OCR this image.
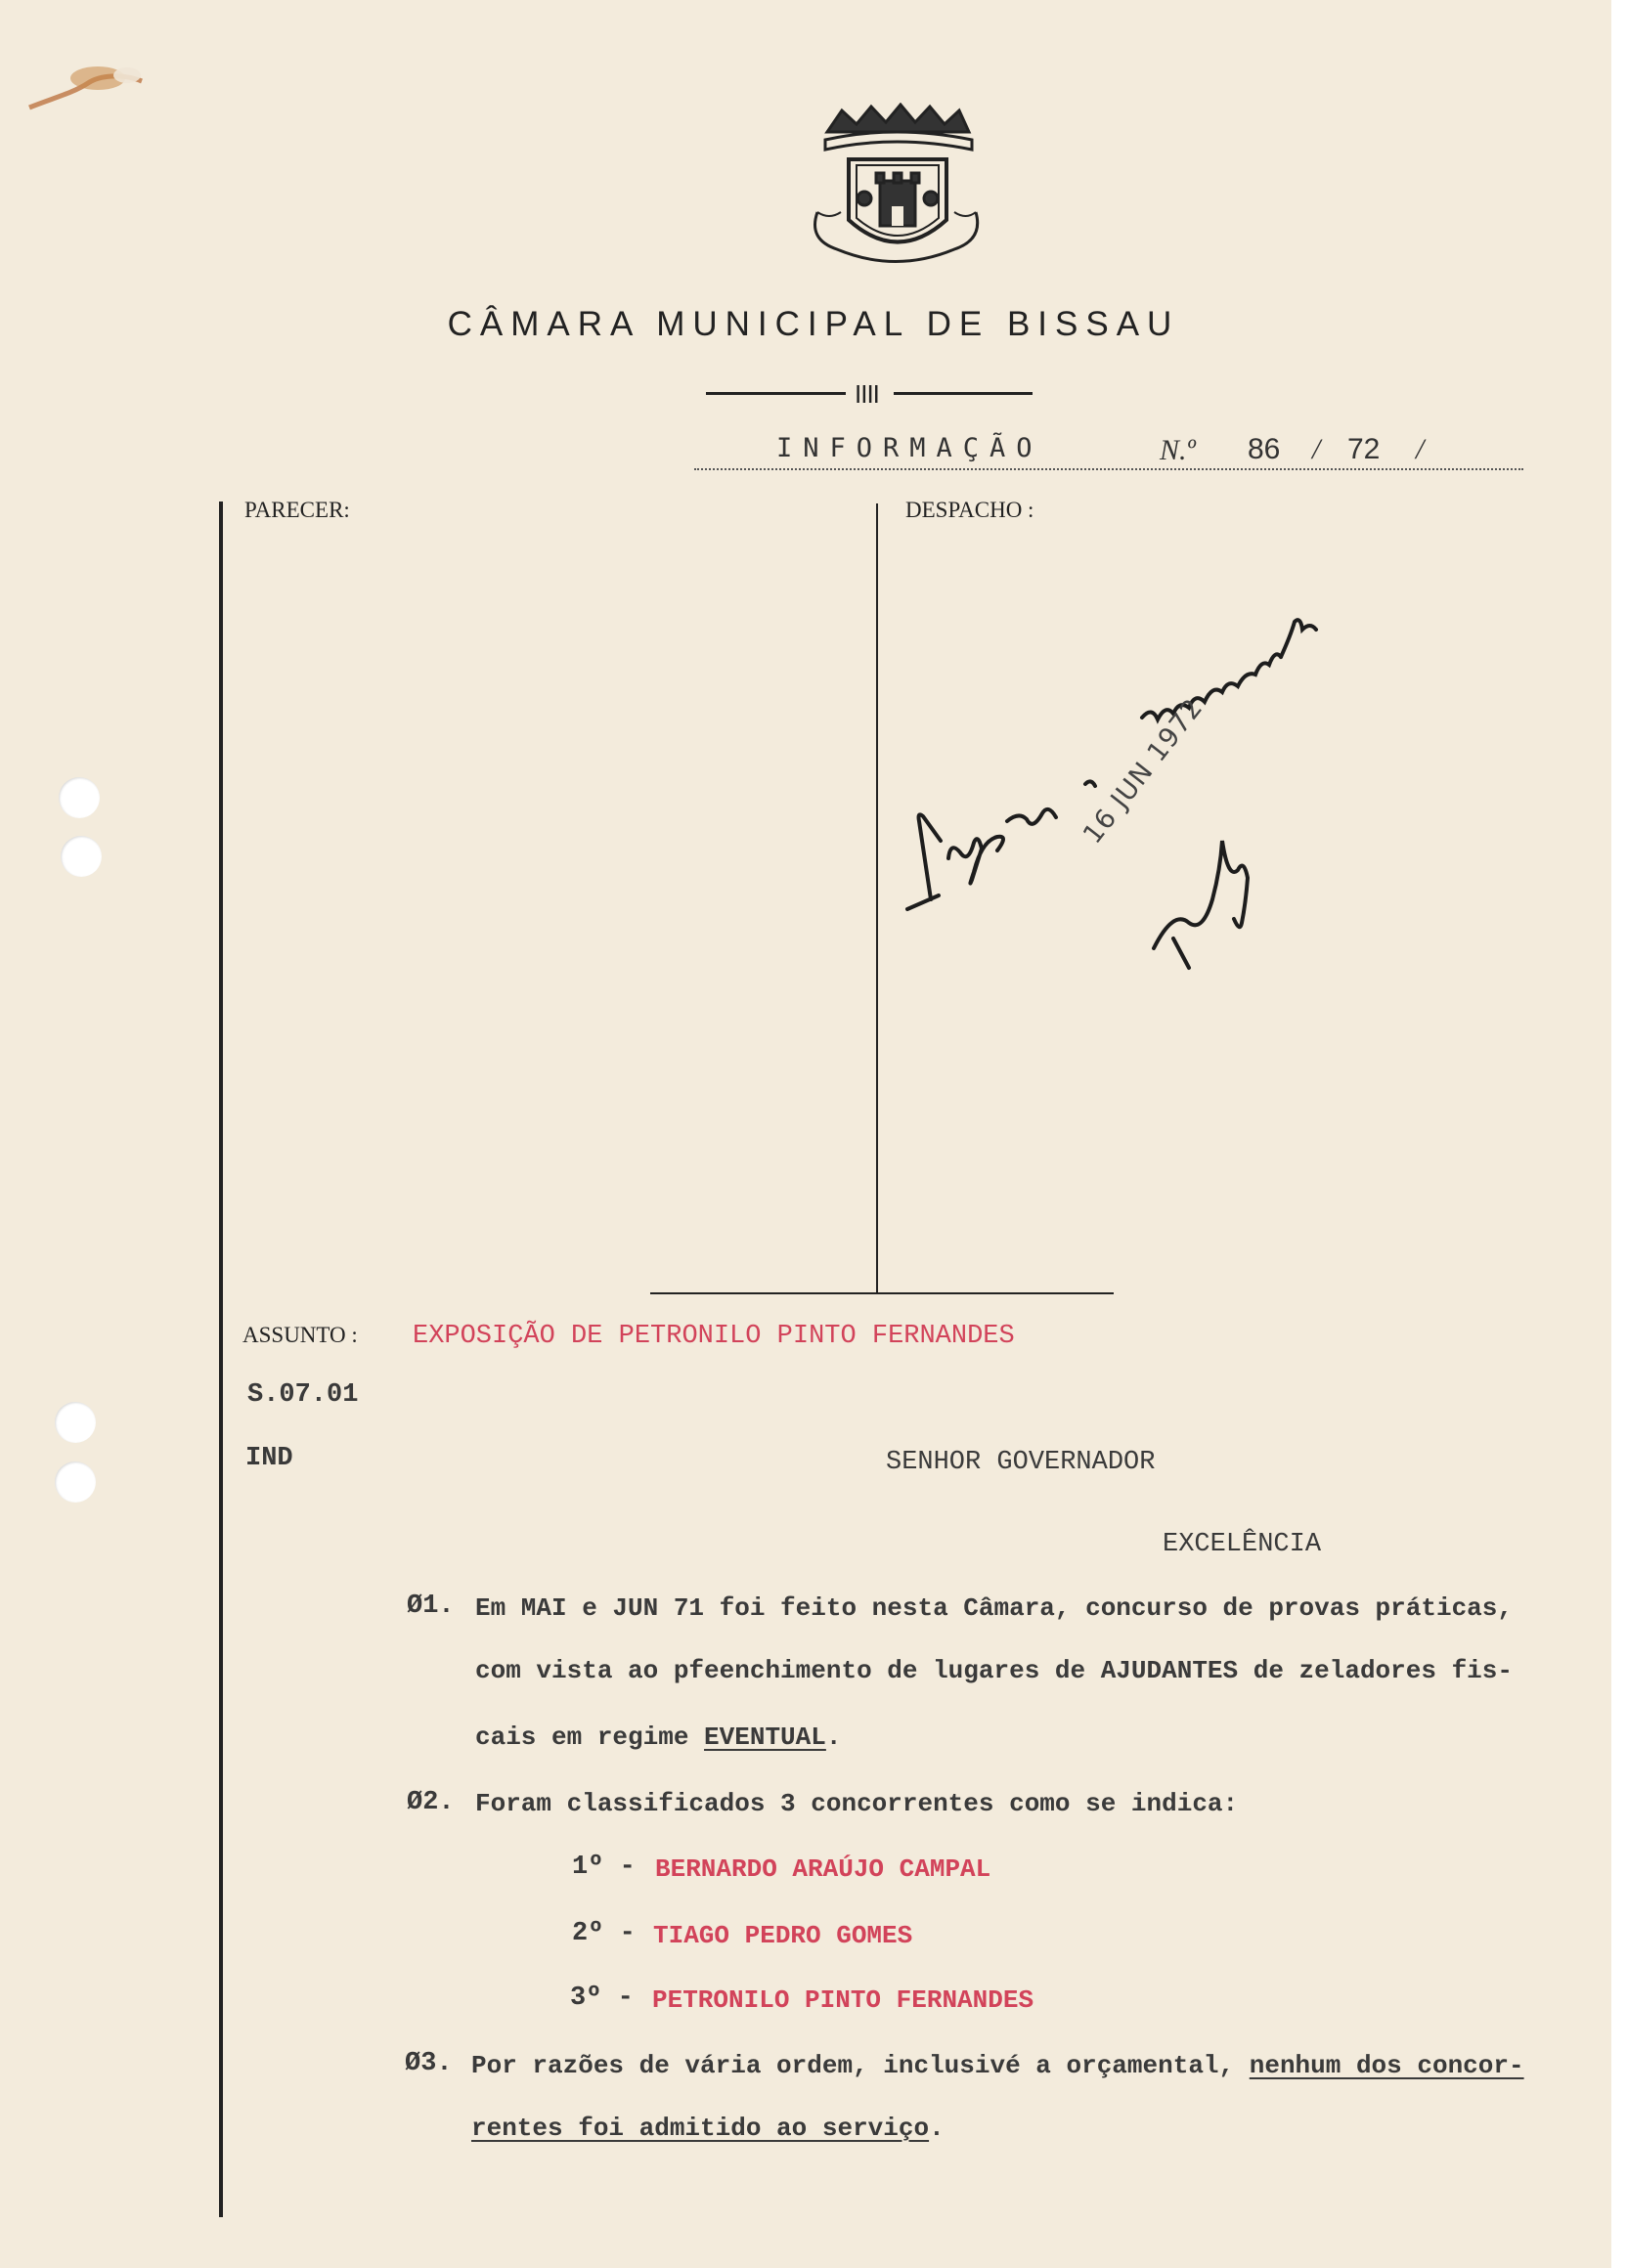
CÂMARA MUNICIPAL DE BISSAU
IIII
INFORMAÇÃO	N.º 86 / 72 /
PARECER:	DESPACHO :
16 JUN 1972
ASSUNTO : EXPOSIÇÃO DE PETRONILO PINTO FERNANDES
S.07.01
IND	SENHOR GOVERNADOR
EXCELÊNCIA
Ø1. Em MAI e JUN 71 foi feito nesta Câmara, concurso de provas práticas,
com vista ao pfeenchimento de lugares de AJUDANTES de zeladores fis-
cais em regime EVENTUAL.
Ø2. Foram classificados 3 concorrentes como se indica:
1º - BERNARDO ARAÚJO CAMPAL
2º - TIAGO PEDRO GOMES
3º - PETRONILO PINTO FERNANDES
Ø3. Por razões de vária ordem, inclusivé a orçamental, nenhum dos concor-
rentes foi admitido ao serviço.
